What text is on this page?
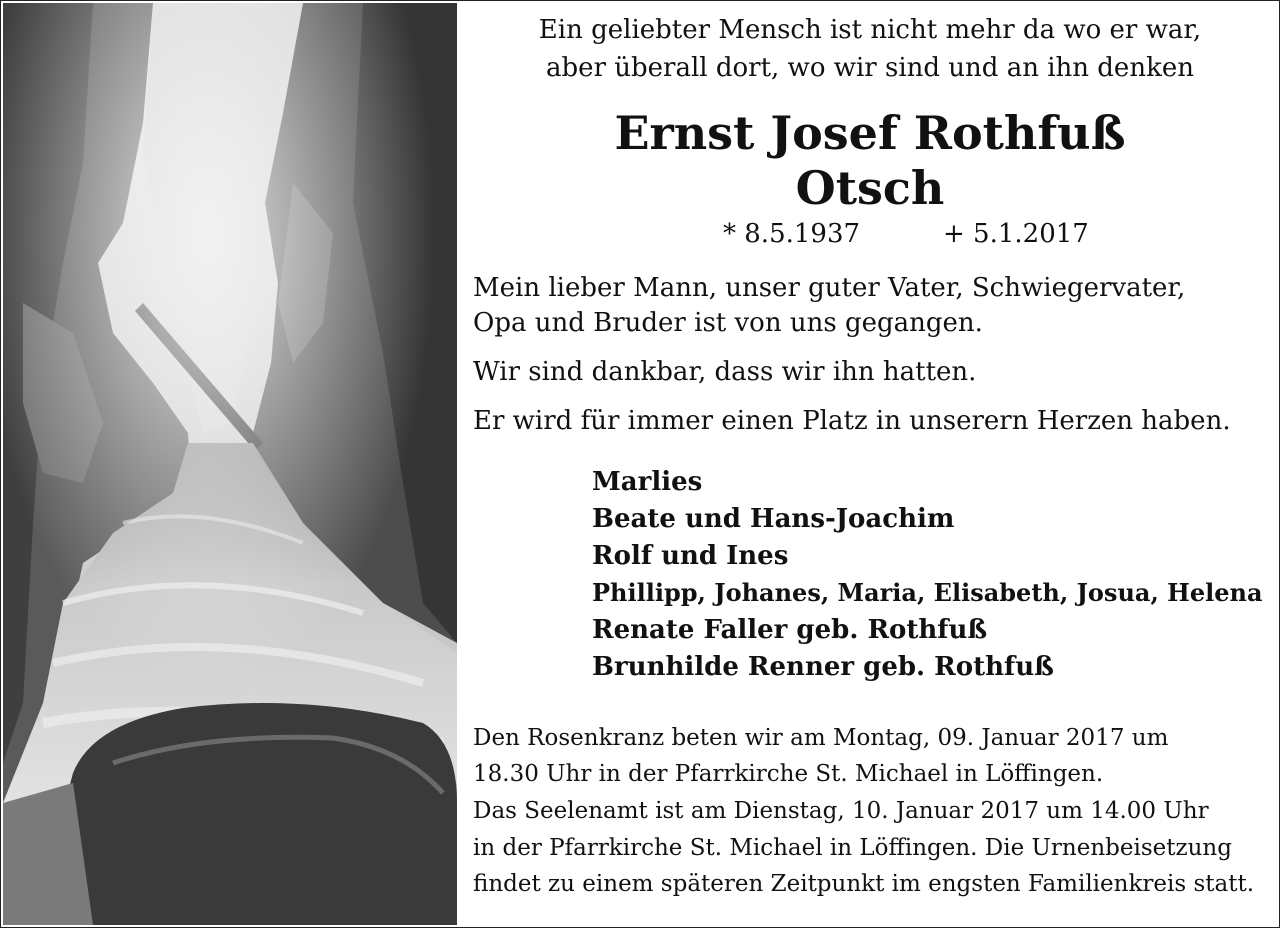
Ein geliebter Mensch ist nicht mehr da wo er war,
aber überall dort, wo wir sind und an ihn denken
Ernst Josef Rothfuß
Otsch
* 8.5.1937	+ 5.1.2017
Mein lieber Mann, unser guter Vater, Schwiegervater,
Opa und Bruder ist von uns gegangen.
Wir sind dankbar, dass wir ihn hatten.
Er wird für immer einen Platz in unserern Herzen haben.
Marlies
Beate und Hans-Joachim
Rolf und Ines
Phillipp, Johanes, Maria, Elisabeth, Josua, Helena
Renate Faller geb. Rothfuß
Brunhilde Renner geb. Rothfuß
Den Rosenkranz beten wir am Montag, 09. Januar 2017 um
18.30 Uhr in der Pfarrkirche St. Michael in Löffingen.
Das Seelenamt ist am Dienstag, 10. Januar 2017 um 14.00 Uhr
in der Pfarrkirche St. Michael in Löffingen. Die Urnenbeisetzung
findet zu einem späteren Zeitpunkt im engsten Familienkreis statt.
